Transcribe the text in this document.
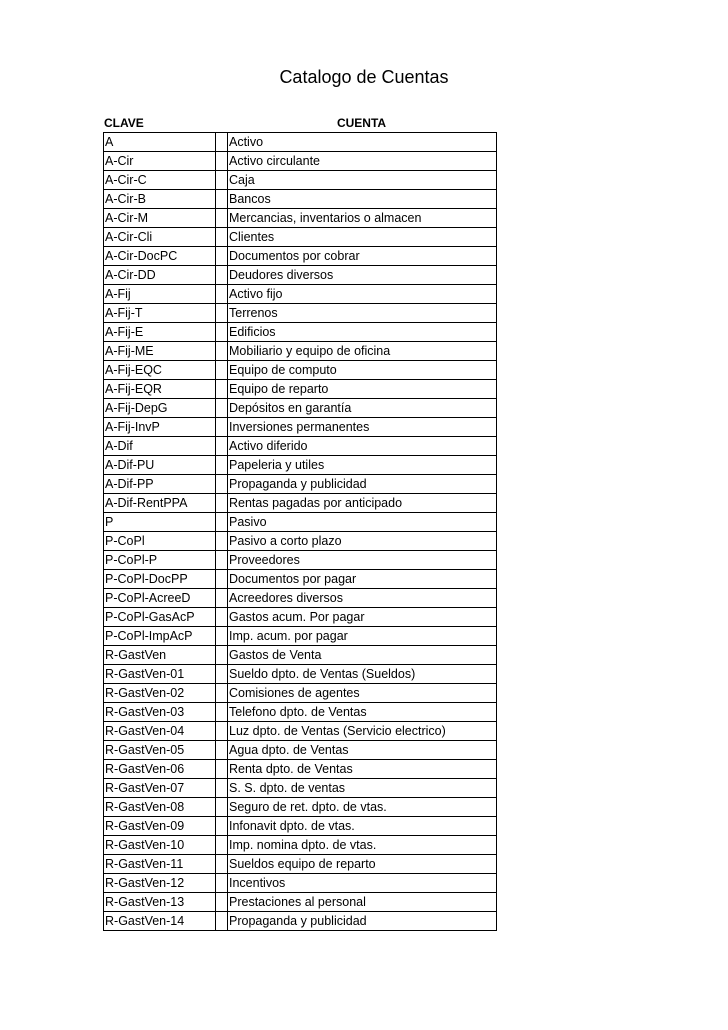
Catalogo de Cuentas
CLAVE	CUENTA
A		Activo
A-Cir		Activo circulante
A-Cir-C		Caja
A-Cir-B		Bancos
A-Cir-M		Mercancias, inventarios o almacen
A-Cir-Cli		Clientes
A-Cir-DocPC		Documentos por cobrar
A-Cir-DD		Deudores diversos
A-Fij		Activo fijo
A-Fij-T		Terrenos
A-Fij-E		Edificios
A-Fij-ME		Mobiliario y equipo de oficina
A-Fij-EQC		Equipo de computo
A-Fij-EQR		Equipo de reparto
A-Fij-DepG		Depósitos en garantía
A-Fij-InvP		Inversiones permanentes
A-Dif		Activo diferido
A-Dif-PU		Papeleria y utiles
A-Dif-PP		Propaganda y publicidad
A-Dif-RentPPA		Rentas pagadas por anticipado
P		Pasivo
P-CoPl		Pasivo a corto plazo
P-CoPl-P		Proveedores
P-CoPl-DocPP		Documentos por pagar
P-CoPl-AcreeD		Acreedores diversos
P-CoPl-GasAcP		Gastos acum. Por pagar
P-CoPl-ImpAcP		Imp. acum. por pagar
R-GastVen		Gastos de Venta
R-GastVen-01		Sueldo dpto. de Ventas (Sueldos)
R-GastVen-02		Comisiones de agentes
R-GastVen-03		Telefono dpto. de Ventas
R-GastVen-04		Luz dpto. de Ventas (Servicio electrico)
R-GastVen-05		Agua dpto. de Ventas
R-GastVen-06		Renta dpto. de Ventas
R-GastVen-07		S. S. dpto. de ventas
R-GastVen-08		Seguro de ret. dpto. de vtas.
R-GastVen-09		Infonavit dpto. de vtas.
R-GastVen-10		Imp. nomina dpto. de vtas.
R-GastVen-11		Sueldos equipo de reparto
R-GastVen-12		Incentivos
R-GastVen-13		Prestaciones al personal
R-GastVen-14		Propaganda y publicidad
